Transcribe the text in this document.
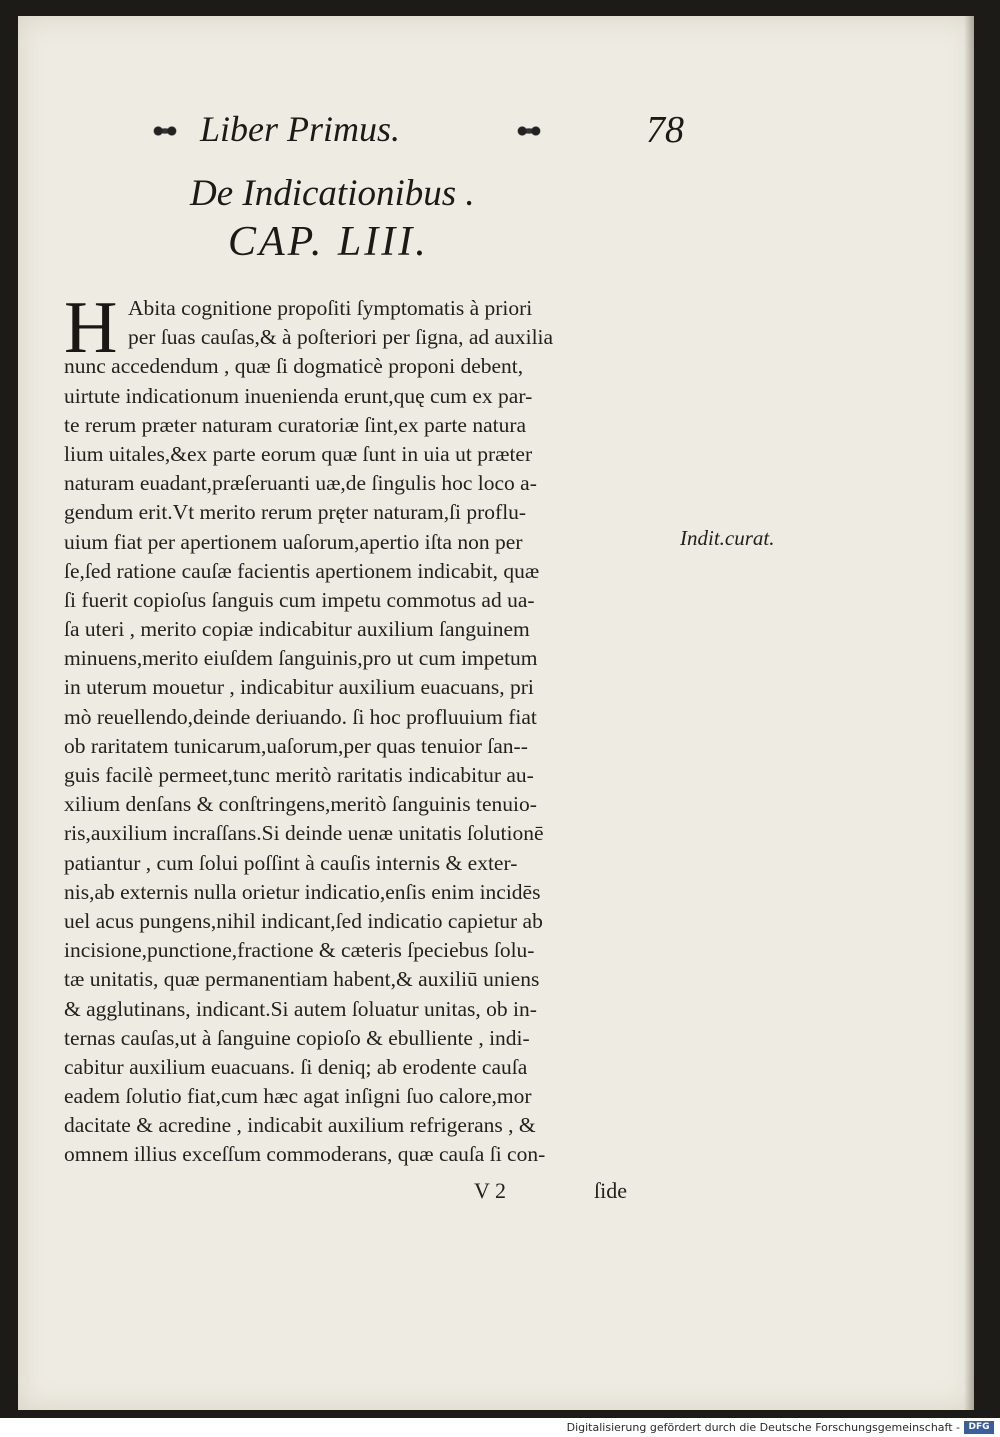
Liber Primus.	78
De Indicationibus .
CAP. LIII.
H Abita cognitione propoſiti ſymptomatis à priori
per ſuas cauſas,& à poſteriori per ſigna, ad auxilia
nunc accedendum , quæ ſi dogmaticè proponi debent,
uirtute indicationum inuenienda erunt,quę cum ex par-
te rerum præter naturam curatoriæ ſint,ex parte natura
lium uitales,&ex parte eorum quæ ſunt in uia ut præter
naturam euadant,præſeruanti uæ,de ſingulis hoc loco a-
gendum erit.Vt merito rerum pręter naturam,ſi proflu-
uium fiat per apertionem uaſorum,apertio iſta non per
ſe,ſed ratione cauſæ facientis apertionem indicabit, quæ
ſi fuerit copioſus ſanguis cum impetu commotus ad ua-
ſa uteri , merito copiæ indicabitur auxilium ſanguinem
minuens,merito eiuſdem ſanguinis,pro ut cum impetum
in uterum mouetur , indicabitur auxilium euacuans, pri
mò reuellendo,deinde deriuando. ſi hoc profluuium fiat
ob raritatem tunicarum,uaſorum,per quas tenuior ſan--
guis facilè permeet,tunc meritò raritatis indicabitur au-
xilium denſans & conſtringens,meritò ſanguinis tenuio-
ris,auxilium incraſſans.Si deinde uenæ unitatis ſolutionē
patiantur , cum ſolui poſſint à cauſis internis & exter-
nis,ab externis nulla orietur indicatio,enſis enim incidēs
uel acus pungens,nihil indicant,ſed indicatio capietur ab
incisione,punctione,fractione & cæteris ſpeciebus ſolu-
tæ unitatis, quæ permanentiam habent,& auxiliū uniens
& agglutinans, indicant.Si autem ſoluatur unitas, ob in-
ternas cauſas,ut à ſanguine copioſo & ebulliente , indi-
cabitur auxilium euacuans. ſi deniq; ab erodente cauſa
eadem ſolutio fiat,cum hæc agat inſigni ſuo calore,mor
dacitate & acredine , indicabit auxilium refrigerans , &
omnem illius exceſſum commoderans, quæ cauſa ſi con-
Indit.curat.
V 2	ſide
Digitalisierung gefördert durch die Deutsche Forschungsgemeinschaft - DFG
